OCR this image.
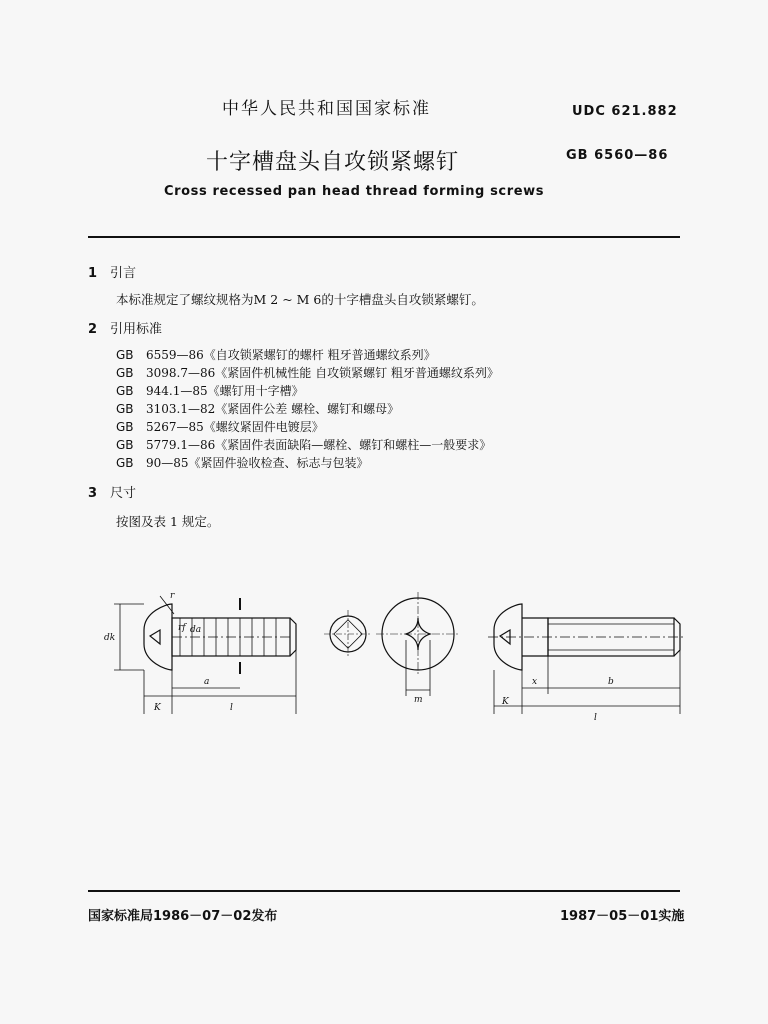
中华人民共和国国家标准	UDC 621.882
十字槽盘头自攻锁紧螺钉	GB 6560—86
Cross recessed pan head thread forming screws
1 引言
本标准规定了螺纹规格为M 2 ~ M 6的十字槽盘头自攻锁紧螺钉。
2 引用标准
GB 6559—86《自攻锁紧螺钉的螺杆 粗牙普通螺纹系列》
GB 3098.7—86《紧固件机械性能 自攻锁紧螺钉 粗牙普通螺纹系列》
GB 944.1—85《螺钉用十字槽》
GB 3103.1—82《紧固件公差 螺栓、螺钉和螺母》
GB 5267—85《螺纹紧固件电镀层》
GB 5779.1—86《紧固件表面缺陷—螺栓、螺钉和螺柱—一般要求》
GB 90—85《紧固件验收检查、标志与包装》
3 尺寸
按图及表 1 规定。
dk
r
rf da
a
K	l
m
x	b
K
l
国家标准局1986－07－02发布	1987－05－01实施
